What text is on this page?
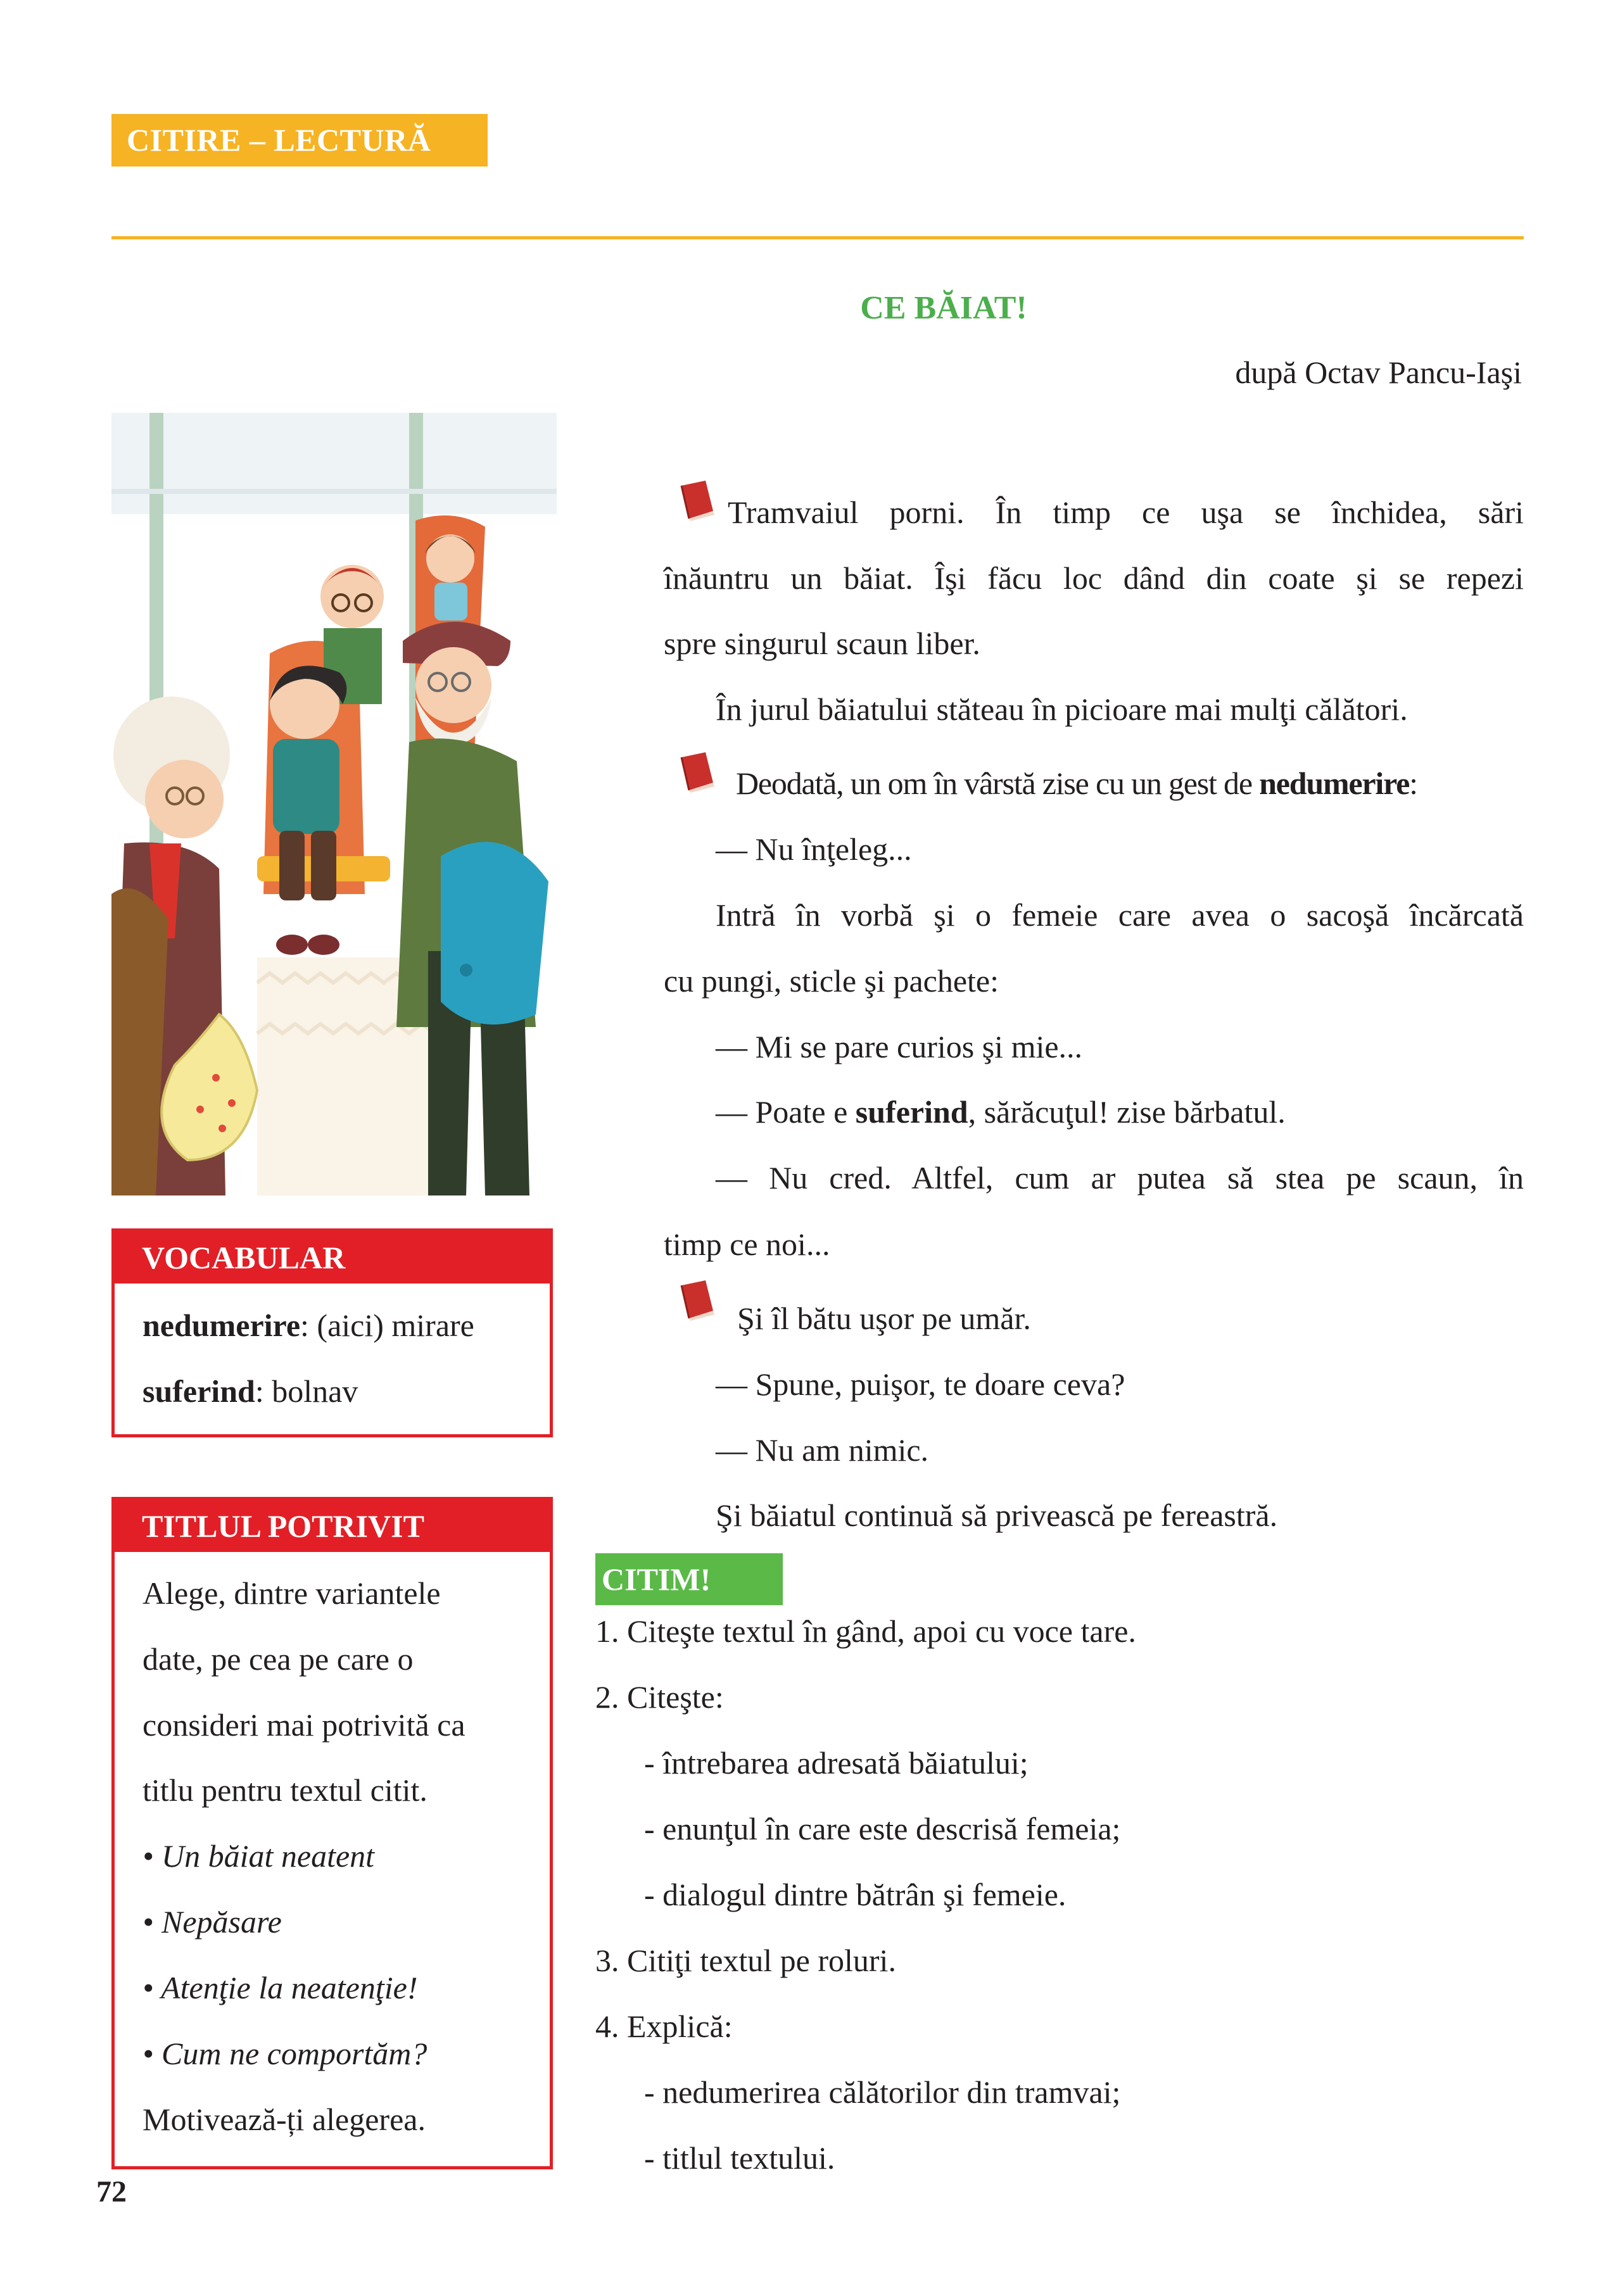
CITIRE – LECTURĂ
CE BĂIAT!
după Octav Pancu-Iaşi
Tramvaiul porni. În timp ce uşa se închidea, sări
înăuntru un băiat. Îşi făcu loc dând din coate şi se repezi
spre singurul scaun liber.
În jurul băiatului stăteau în picioare mai mulţi călători.
Deodată, un om în vârstă zise cu un gest de nedumerire:
— Nu înţeleg...
Intră în vorbă şi o femeie care avea o sacoşă încărcată
cu pungi, sticle şi pachete:
— Mi se pare curios şi mie...
— Poate e suferind, sărăcuţul! zise bărbatul.
— Nu cred. Altfel, cum ar putea să stea pe scaun, în
timp ce noi...
Şi îl bătu uşor pe umăr.
— Spune, puişor, te doare ceva?
— Nu am nimic.
Şi băiatul continuă să privească pe fereastră.
VOCABULAR
nedumerire: (aici) mirare
suferind: bolnav
TITLUL POTRIVIT
Alege, dintre variantele
date, pe cea pe care o
consideri mai potrivită ca
titlu pentru textul citit.
• Un băiat neatent
• Nepăsare
• Atenţie la neatenţie!
• Cum ne comportăm?
Motivează-ți alegerea.
CITIM!
1. Citeşte textul în gând, apoi cu voce tare.
2. Citeşte:
- întrebarea adresată băiatului;
- enunţul în care este descrisă femeia;
- dialogul dintre bătrân şi femeie.
3. Citiţi textul pe roluri.
4. Explică:
- nedumerirea călătorilor din tramvai;
- titlul textului.
72
